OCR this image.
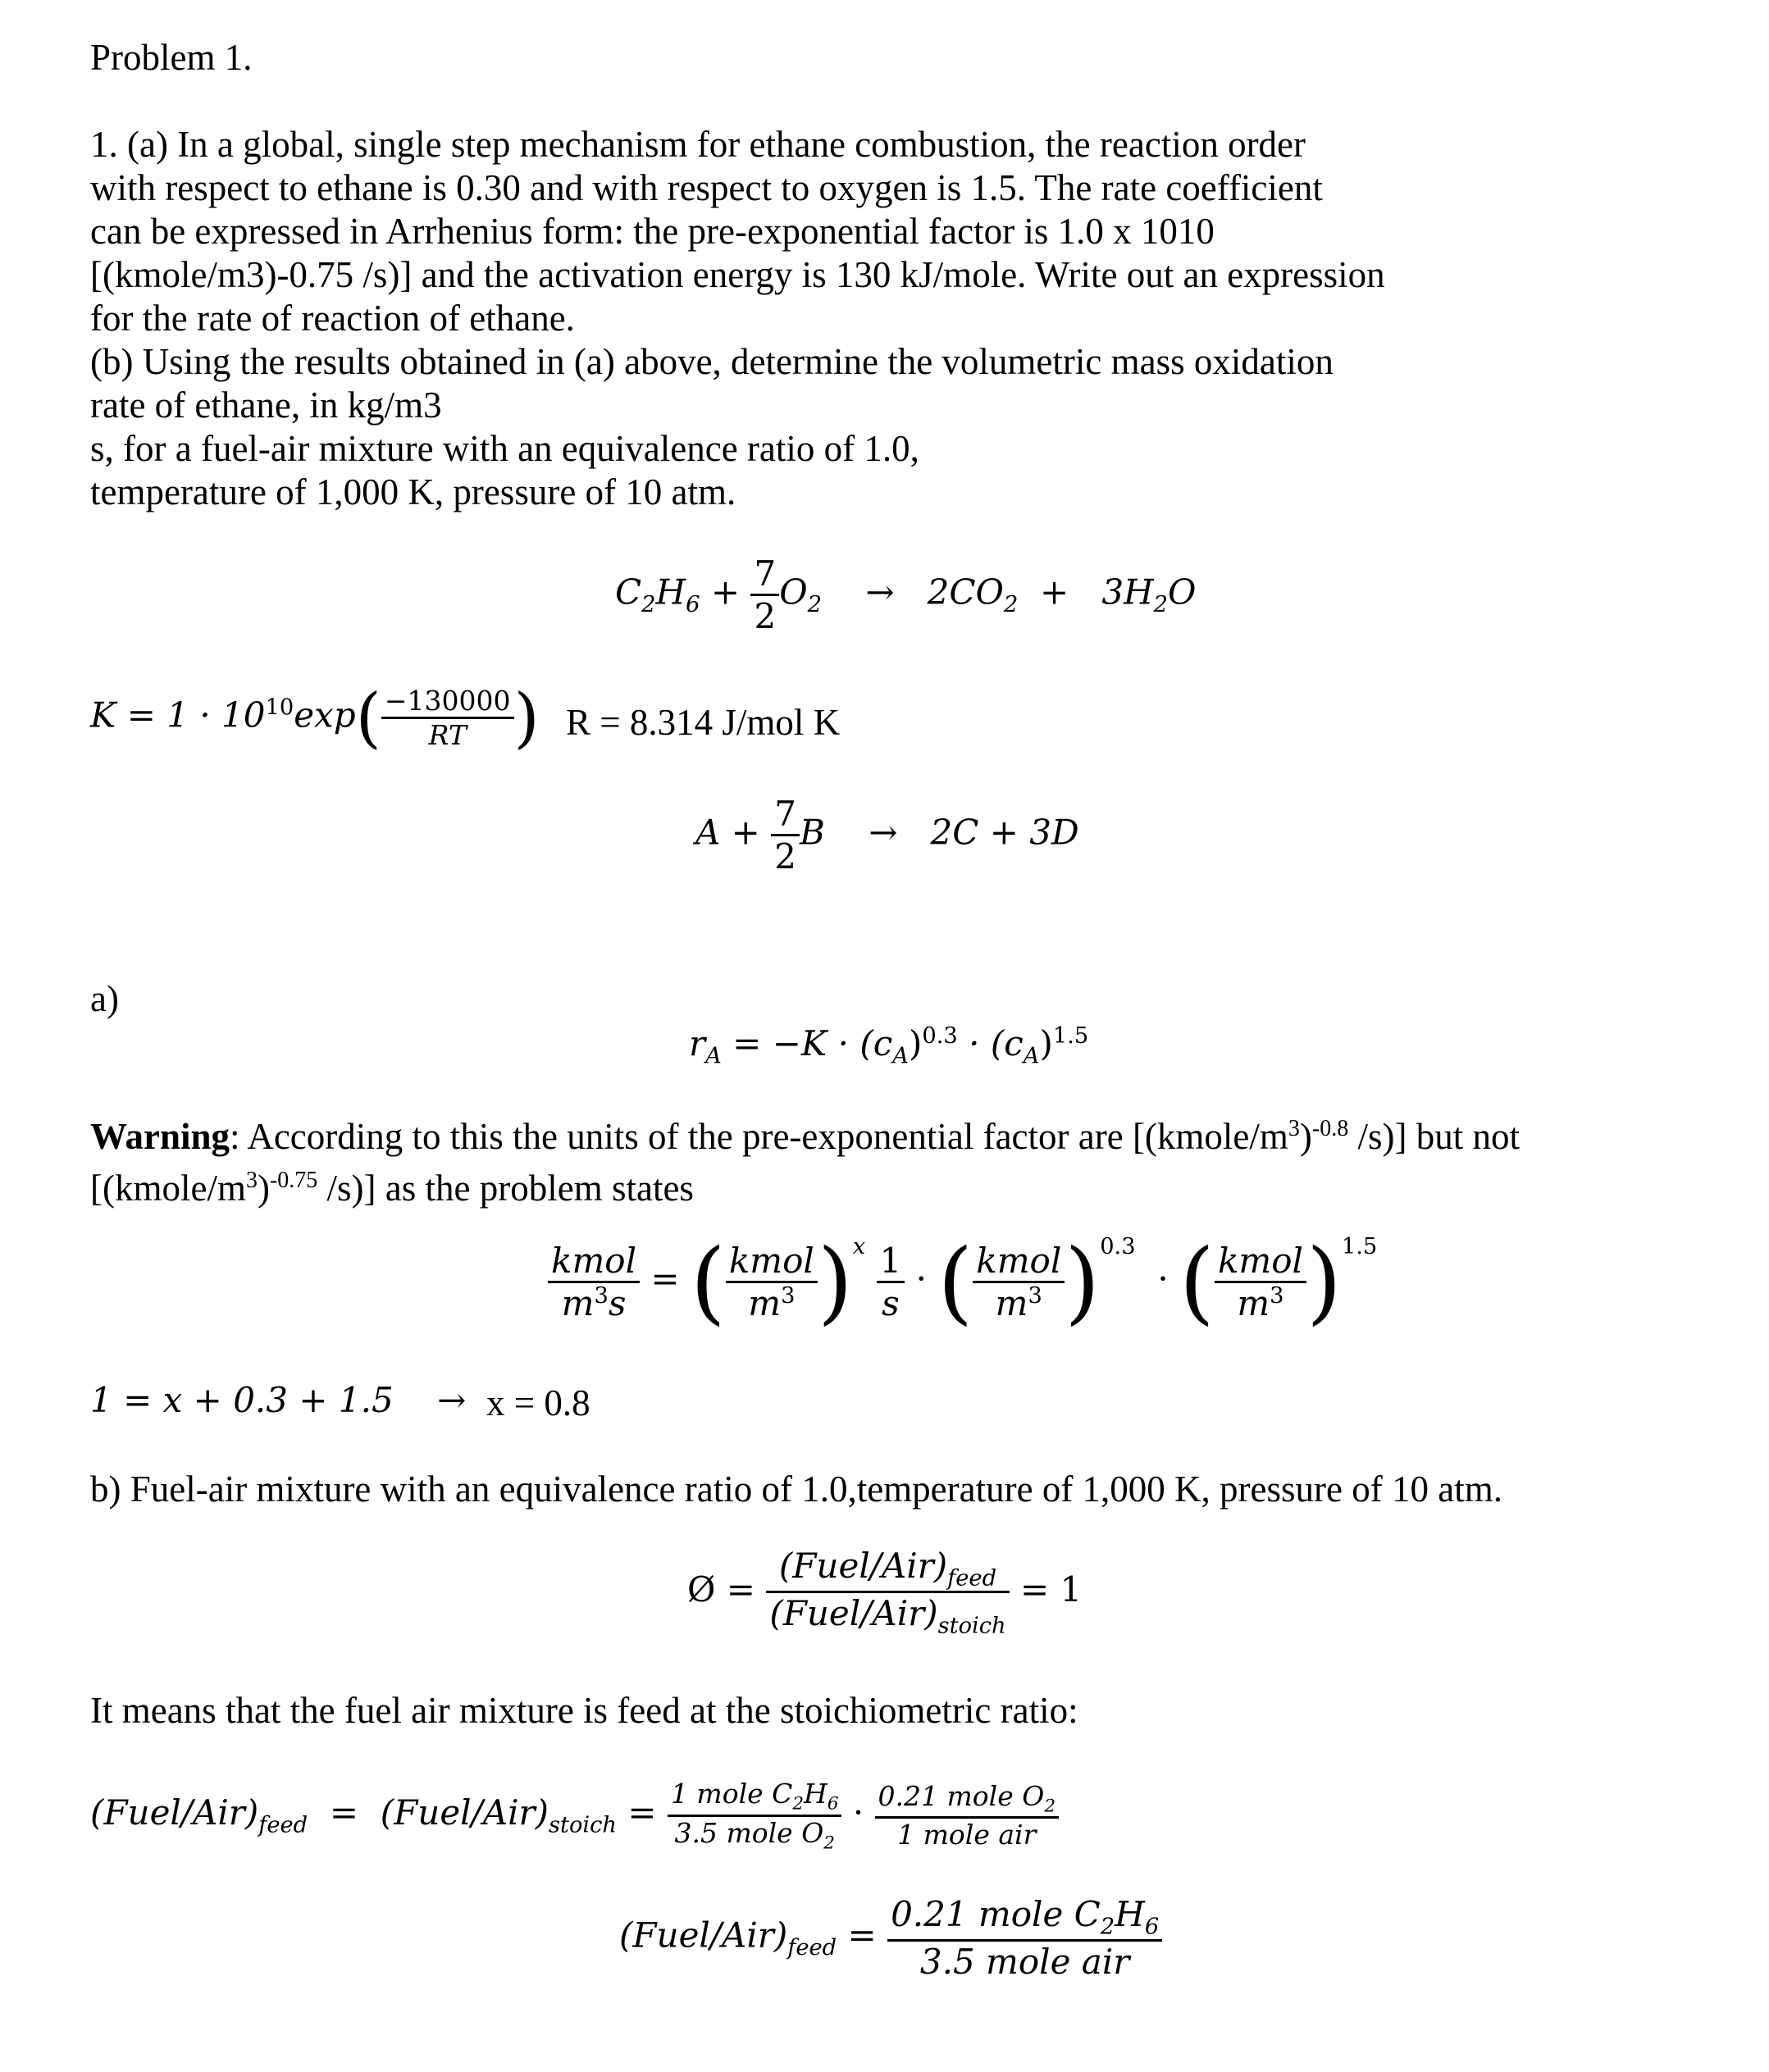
Problem 1.
1. (a) In a global, single step mechanism for ethane combustion, the reaction order
with respect to ethane is 0.30 and with respect to oxygen is 1.5. The rate coefficient
can be expressed in Arrhenius form: the pre-exponential factor is 1.0 x 1010
[(kmole/m3)-0.75 /s)] and the activation energy is 130 kJ/mole. Write out an expression
for the rate of reaction of ethane.
(b) Using the results obtained in (a) above, determine the volumetric mass oxidation
rate of ethane, in kg/m3
s, for a fuel-air mixture with an equivalence ratio of 1.0,
temperature of 1,000 K, pressure of 10 atm.
$C_2H_6 + \frac{7}{2} O_2 \to 2CO_2 + 3H_2O$
$K = 1 \cdot 10^{10}\exp( \frac{-130000}{RT}$ ) R = 8.314 J/mol K
$A + \frac{7}{2}$ B → 2C + 3D
a)
$r_A = -K \cdot (c_A)^{0.3} \cdot (c_A)^{1.5}$
Warning: According to this the units of the pre-exponential factor are [$(kmole/m^3)^{-0.8}$ /s)] but not
[$(kmole/m^3)^{-0.75}$ /s)] as the problem states
$\frac{\text{kmol}}{m^3s}$ = ( $\frac{\text{kmol}}{m^3} )^x \frac{1}{s}$ · ( $\frac{\text{kmol}}{m^3} )^{0.3}$  · ( $\frac{\text{kmol}}{m^3} )^{1.5}$
1 = x + 0.3 + 1.5 → x = 0.8
b) Fuel-air mixture with an equivalence ratio of 1.0,temperature of 1,000 K, pressure of 10 atm.
Ø = $\frac{(Fuel/Air)_{feed}}{(Fuel/Air)_{stoich}} = 1$
It means that the fuel air mixture is feed at the stoichiometric ratio:
$(Fuel/Air)_{feed}$ = $(Fuel/Air)_{stoich} = \frac{1 mole C_2H_6}{3.5 mole O_2} \cdot \frac{0.21 mole O_2}{\text{1 mole air}}$
$(Fuel/Air)_{feed} = \frac{0.21 mole C_2H_6}{\text{3.5 mole air}}$
